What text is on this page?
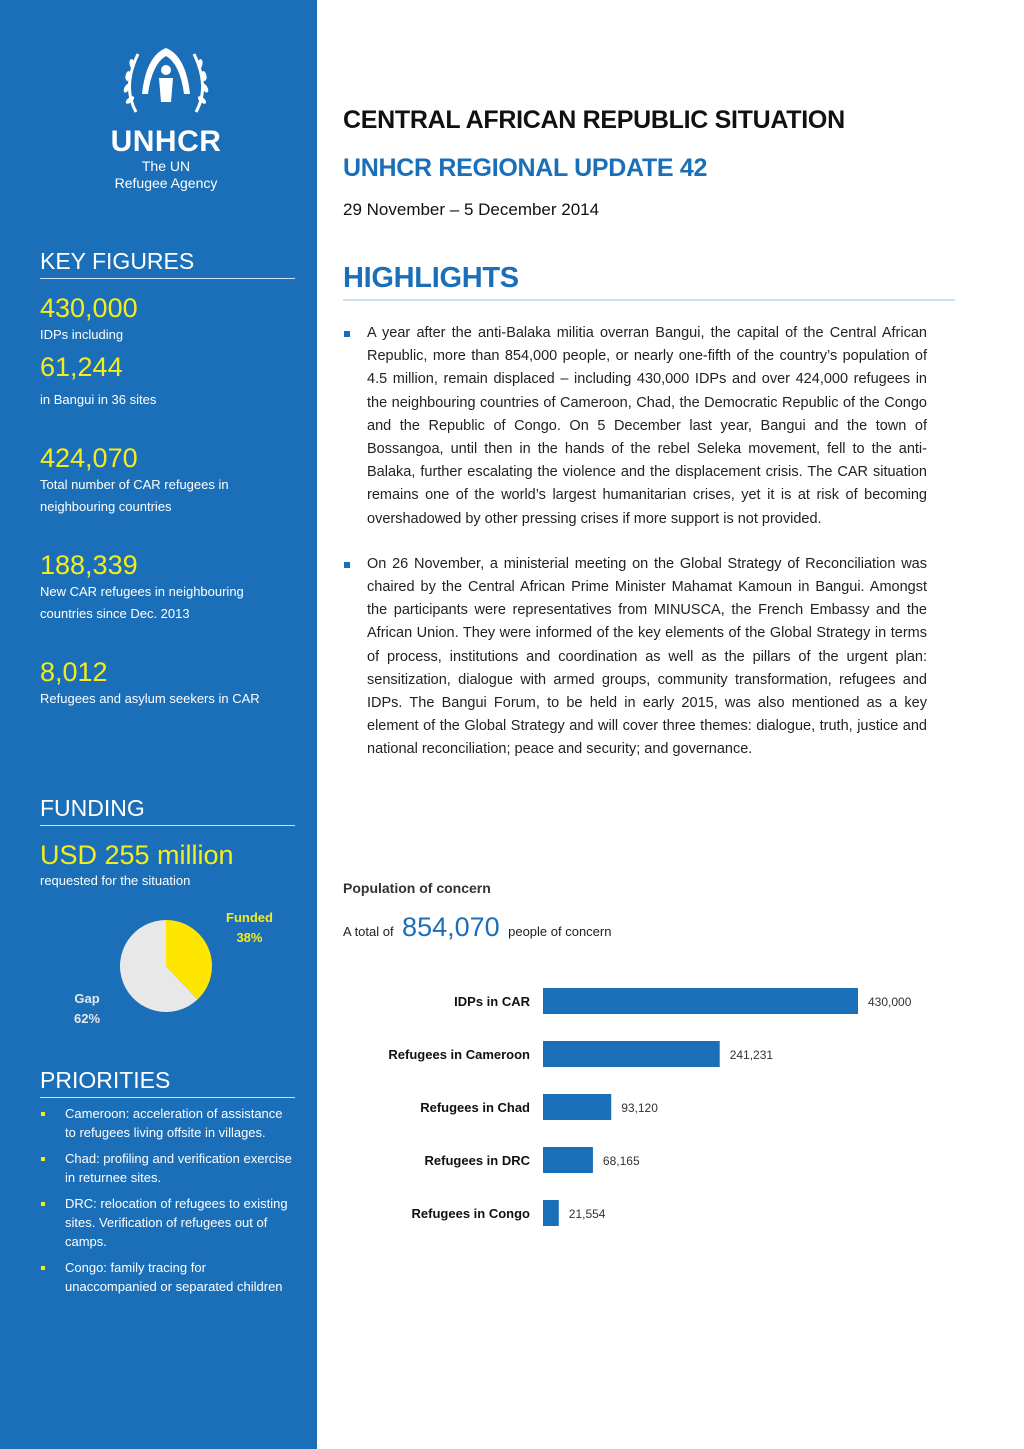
UNHCR
The UN
Refugee Agency
KEY FIGURES
430,000
IDPs including
61,244
in Bangui in 36 sites
424,070
Total number of CAR refugees in neighbouring countries
188,339
New CAR refugees in neighbouring countries since Dec. 2013
8,012
Refugees and asylum seekers in CAR
FUNDING
USD 255 million
requested for the situation
Funded
38%
Gap
62%
PRIORITIES
Cameroon: acceleration of assistance to refugees living offsite in villages.
Chad: profiling and verification exercise in returnee sites.
DRC: relocation of refugees to existing sites. Verification of refugees out of camps.
Congo: family tracing for unaccompanied or separated children
CENTRAL AFRICAN REPUBLIC SITUATION
UNHCR REGIONAL UPDATE 42
29 November – 5 December 2014
HIGHLIGHTS
A year after the anti-Balaka militia overran Bangui, the capital of the Central African Republic, more than 854,000 people, or nearly one-fifth of the country’s population of 4.5 million, remain displaced – including 430,000 IDPs and over 424,000 refugees in the neighbouring countries of Cameroon, Chad, the Democratic Republic of the Congo and the Republic of Congo. On 5 December last year, Bangui and the town of Bossangoa, until then in the hands of the rebel Seleka movement, fell to the anti-Balaka, further escalating the violence and the displacement crisis. The CAR situation remains one of the world’s largest humanitarian crises, yet it is at risk of becoming overshadowed by other pressing crises if more support is not provided.
On 26 November, a ministerial meeting on the Global Strategy of Reconciliation was chaired by the Central African Prime Minister Mahamat Kamoun in Bangui. Amongst the participants were representatives from MINUSCA, the French Embassy and the African Union. They were informed of the key elements of the Global Strategy in terms of process, institutions and coordination as well as the pillars of the urgent plan: sensitization, dialogue with armed groups, community transformation, refugees and IDPs. The Bangui Forum, to be held in early 2015, was also mentioned as a key element of the Global Strategy and will cover three themes: dialogue, truth, justice and national reconciliation; peace and security; and governance.
Population of concern
A total of 854,070 people of concern
IDPs in CAR	430,000
Refugees in Cameroon	241,231
Refugees in Chad	93,120
Refugees in DRC	68,165
Refugees in Congo	21,554
